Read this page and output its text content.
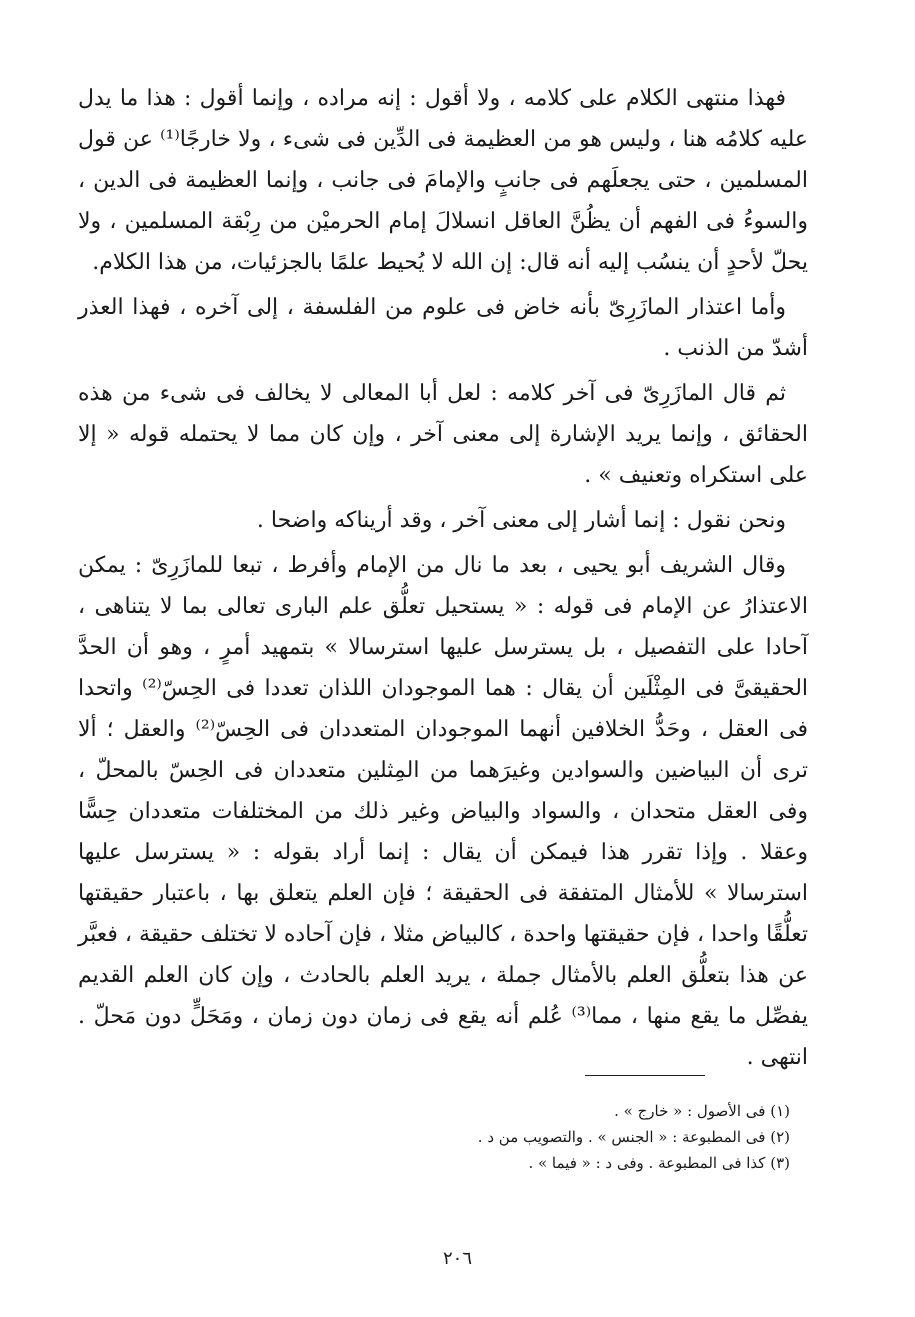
فهذا منتهى الكلام على كلامه ، ولا أقول : إنه مراده ، وإنما أقول : هذا ما يدل عليه كلامُه هنا ، وليس هو من العظيمة فى الدِّين فى شىء ، ولا خارجًا⁽¹⁾ عن قول المسلمين ، حتى يجعلَهم فى جانبٍ والإمامَ فى جانب ، وإنما العظيمة فى الدين ، والسوءُ فى الفهم أن يظُنَّ العاقل انسلالَ إمام الحرميْن من رِبْقة المسلمين ، ولا يحلّ لأحدٍ أن ينسُب إليه أنه قال: إن الله لا يُحيط علمًا بالجزئيات، من هذا الكلام.

وأما اعتذار المازَرِىّ بأنه خاض فى علوم من الفلسفة ، إلى آخره ، فهذا العذر أشدّ من الذنب .

ثم قال المازَرِىّ فى آخر كلامه : لعل أبا المعالى لا يخالف فى شىء من هذه الحقائق ، وإنما يريد الإشارة إلى معنى آخر ، وإن كان مما لا يحتمله قوله « إلا على استكراه وتعنيف » .

ونحن نقول : إنما أشار إلى معنى آخر ، وقد أريناكه واضحا .

وقال الشريف أبو يحيى ، بعد ما نال من الإمام وأفرط ، تبعا للمازَرِىّ : يمكن الاعتذارُ عن الإمام فى قوله : « يستحيل تعلُّق علم البارى تعالى بما لا يتناهى ، آحادا على التفصيل ، بل يسترسل عليها استرسالا » بتمهيد أمرٍ ، وهو أن الحدَّ الحقيقىَّ فى المِثْلَين أن يقال : هما الموجودان اللذان تعددا فى الحِسّ⁽²⁾ واتحدا فى العقل ، وحَدُّ الخلافين أنهما الموجودان المتعددان فى الحِسّ⁽²⁾ والعقل ؛ ألا ترى أن البياضين والسوادين وغيرَهما من المِثلين متعددان فى الحِسّ بالمحلّ ، وفى العقل متحدان ، والسواد والبياض وغير ذلك من المختلفات متعددان حِسًّا وعقلا . وإذا تقرر هذا فيمكن أن يقال : إنما أراد بقوله : « يسترسل عليها استرسالا » للأمثال المتفقة فى الحقيقة ؛ فإن العلم يتعلق بها ، باعتبار حقيقتها تعلُّقًا واحدا ، فإن حقيقتها واحدة ، كالبياض مثلا ، فإن آحاده لا تختلف حقيقة ، فعبَّر عن هذا بتعلُّق العلم بالأمثال جملة ، يريد العلم بالحادث ، وإن كان العلم القديم يفصِّل ما يقع منها ، مما⁽³⁾ عُلم أنه يقع فى زمان دون زمان ، ومَحَلٍّ دون مَحلّ . انتهى .

(١) فى الأصول : « خارج » .
(٢) فى المطبوعة : « الجنس » . والتصويب من د .
(٣) كذا فى المطبوعة . وفى د : « فيما » .
٢٠٦
